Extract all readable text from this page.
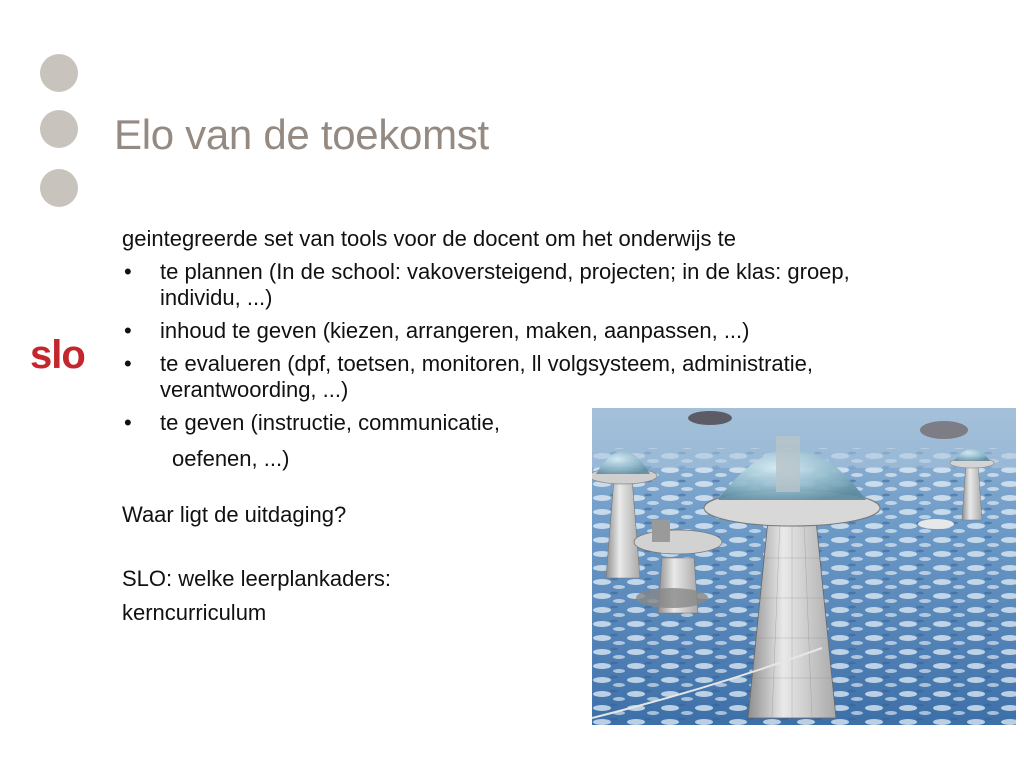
Elo van de toekomst
slo

geintegreerde set van tools voor de docent om het onderwijs te

• te plannen (In de school: vakoversteigend, projecten; in de klas: groep, individu, ...)

• inhoud te geven (kiezen, arrangeren, maken, aanpassen, ...)

• te evalueren (dpf, toetsen, monitoren, ll volgsysteem, administratie, verantwoording, ...)

• te geven (instructie, communicatie,

oefenen, ...)

Waar ligt de uitdaging?

SLO: welke leerplankaders:

kerncurriculum
